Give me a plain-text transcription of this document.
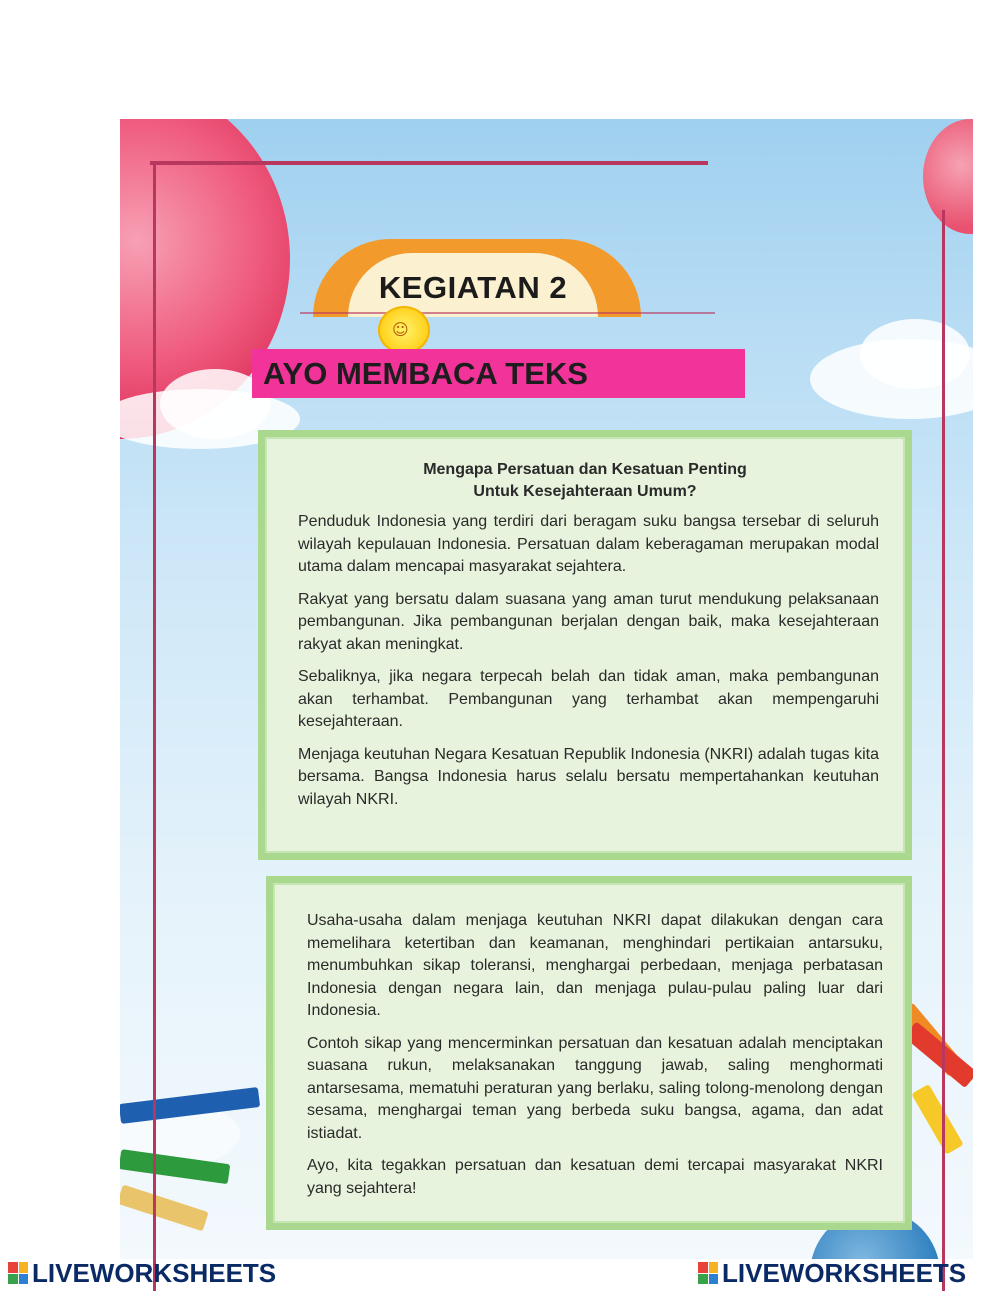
KEGIATAN 2
☺
AYO MEMBACA TEKS
Mengapa Persatuan dan Kesatuan Penting
Untuk Kesejahteraan Umum?

Penduduk Indonesia yang terdiri dari beragam suku bangsa tersebar di seluruh wilayah kepulauan Indonesia. Persatuan dalam keberagaman merupakan modal utama dalam mencapai masyarakat sejahtera.

Rakyat yang bersatu dalam suasana yang aman turut mendukung pelaksanaan pembangunan. Jika pembangunan berjalan dengan baik, maka kesejahteraan rakyat akan meningkat.

Sebaliknya, jika negara terpecah belah dan tidak aman, maka pembangunan akan terhambat. Pembangunan yang terhambat akan mempengaruhi kesejahteraan.

Menjaga keutuhan Negara Kesatuan Republik Indonesia (NKRI) adalah tugas kita bersama. Bangsa Indonesia harus selalu bersatu mempertahankan keutuhan wilayah NKRI.

Usaha-usaha dalam menjaga keutuhan NKRI dapat dilakukan dengan cara memelihara ketertiban dan keamanan, menghindari pertikaian antarsuku, menumbuhkan sikap toleransi, menghargai perbedaan, menjaga perbatasan Indonesia dengan negara lain, dan menjaga pulau-pulau paling luar dari Indonesia.

Contoh sikap yang mencerminkan persatuan dan kesatuan adalah menciptakan suasana rukun, melaksanakan tanggung jawab, saling menghormati antarsesama, mematuhi peraturan yang berlaku, saling tolong-menolong dengan sesama, menghargai teman yang berbeda suku bangsa, agama, dan adat istiadat.

Ayo, kita tegakkan persatuan dan kesatuan demi tercapai masyarakat NKRI yang sejahtera!

LIVEWORKSHEETS	LIVEWORKSHEETS
